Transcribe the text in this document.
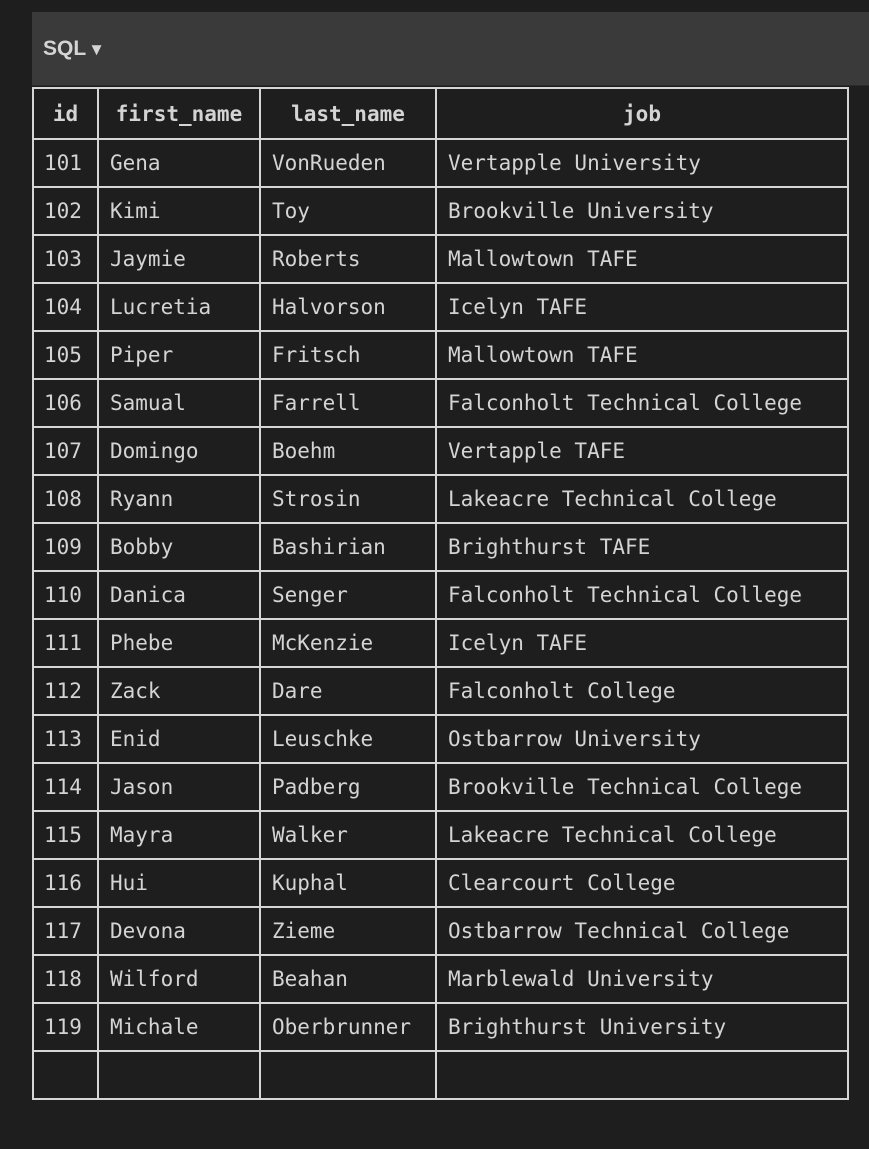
SQL ▼
id	first_name	last_name	job
101	Gena	VonRueden	Vertapple University
102	Kimi	Toy	Brookville University
103	Jaymie	Roberts	Mallowtown TAFE
104	Lucretia	Halvorson	Icelyn TAFE
105	Piper	Fritsch	Mallowtown TAFE
106	Samual	Farrell	Falconholt Technical College
107	Domingo	Boehm	Vertapple TAFE
108	Ryann	Strosin	Lakeacre Technical College
109	Bobby	Bashirian	Brighthurst TAFE
110	Danica	Senger	Falconholt Technical College
111	Phebe	McKenzie	Icelyn TAFE
112	Zack	Dare	Falconholt College
113	Enid	Leuschke	Ostbarrow University
114	Jason	Padberg	Brookville Technical College
115	Mayra	Walker	Lakeacre Technical College
116	Hui	Kuphal	Clearcourt College
117	Devona	Zieme	Ostbarrow Technical College
118	Wilford	Beahan	Marblewald University
119	Michale	Oberbrunner	Brighthurst University
